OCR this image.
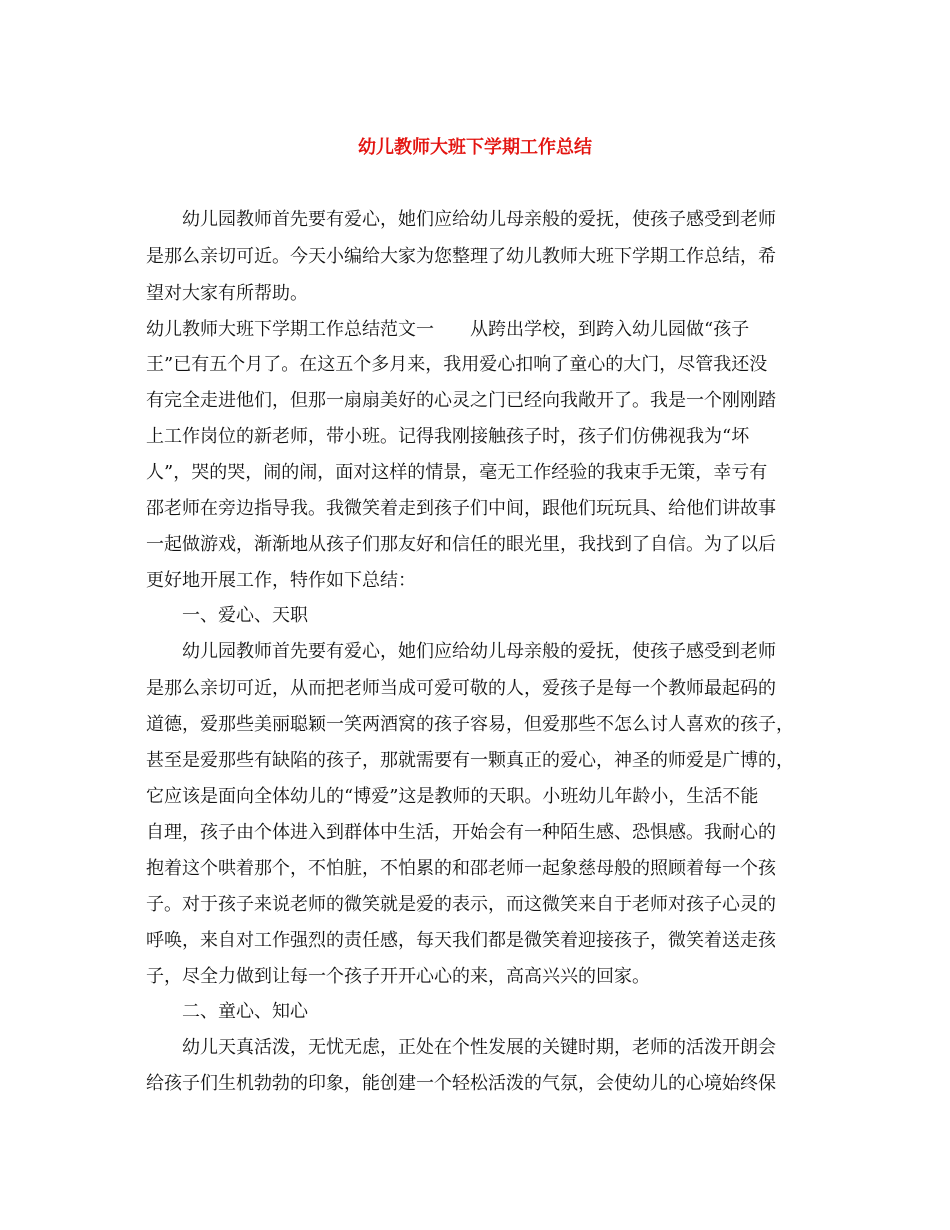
幼儿教师大班下学期工作总结

幼儿园教师首先要有爱心，她们应给幼儿母亲般的爱抚，使孩子感受到老师

是那么亲切可近。今天小编给大家为您整理了幼儿教师大班下学期工作总结，希

望对大家有所帮助。

幼儿教师大班下学期工作总结范文一　　从跨出学校，到跨入幼儿园做“孩子

王”已有五个月了。在这五个多月来，我用爱心扣响了童心的大门，尽管我还没

有完全走进他们，但那一扇扇美好的心灵之门已经向我敞开了。我是一个刚刚踏

上工作岗位的新老师，带小班。记得我刚接触孩子时，孩子们仿佛视我为“坏

人”，哭的哭，闹的闹，面对这样的情景，毫无工作经验的我束手无策，幸亏有

邵老师在旁边指导我。我微笑着走到孩子们中间，跟他们玩玩具、给他们讲故事

一起做游戏，渐渐地从孩子们那友好和信任的眼光里，我找到了自信。为了以后

更好地开展工作，特作如下总结：

一、爱心、天职

幼儿园教师首先要有爱心，她们应给幼儿母亲般的爱抚，使孩子感受到老师

是那么亲切可近，从而把老师当成可爱可敬的人，爱孩子是每一个教师最起码的

道德，爱那些美丽聪颖一笑两酒窝的孩子容易，但爱那些不怎么讨人喜欢的孩子，

甚至是爱那些有缺陷的孩子，那就需要有一颗真正的爱心，神圣的师爱是广博的，

它应该是面向全体幼儿的“博爱”这是教师的天职。小班幼儿年龄小，生活不能

自理，孩子由个体进入到群体中生活，开始会有一种陌生感、恐惧感。我耐心的

抱着这个哄着那个，不怕脏，不怕累的和邵老师一起象慈母般的照顾着每一个孩

子。对于孩子来说老师的微笑就是爱的表示，而这微笑来自于老师对孩子心灵的

呼唤，来自对工作强烈的责任感，每天我们都是微笑着迎接孩子，微笑着送走孩

子，尽全力做到让每一个孩子开开心心的来，高高兴兴的回家。

二、童心、知心

幼儿天真活泼，无忧无虑，正处在个性发展的关键时期，老师的活泼开朗会

给孩子们生机勃勃的印象，能创建一个轻松活泼的气氛，会使幼儿的心境始终保
